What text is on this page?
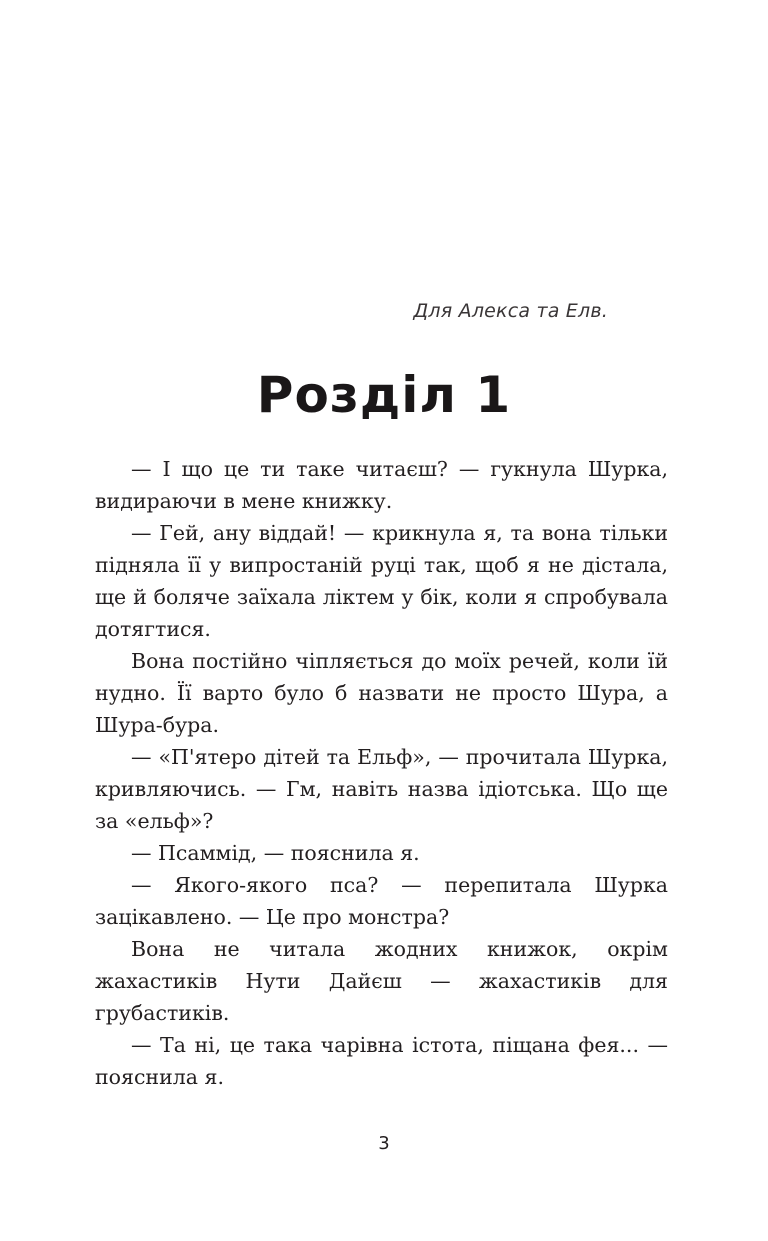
Для Алекса та Елв.
Розділ 1

— І що це ти таке читаєш? — гукнула Шурка, видираючи в мене книжку.

— Гей, ану віддай! — крикнула я, та вона тільки підняла її у випростаній руці так, щоб я не дістала, ще й боляче заїхала ліктем у бік, коли я спробувала дотягтися.

Вона постійно чіпляється до моїх речей, коли їй нудно. Її варто було б назвати не просто Шура, а Шура-бура.

— «П'ятеро дітей та Ельф», — прочитала Шурка, кривляючись. — Гм, навіть назва ідіотська. Що ще за «ельф»?

— Псаммід, — пояснила я.

— Якого-якого пса? — перепитала Шурка зацікавлено. — Це про монстра?

Вона не читала жодних книжок, окрім жахастиків Нути Дайєш — жахастиків для грубастиків.

— Та ні, це така чарівна істота, піщана фея... — пояснила я.

3
